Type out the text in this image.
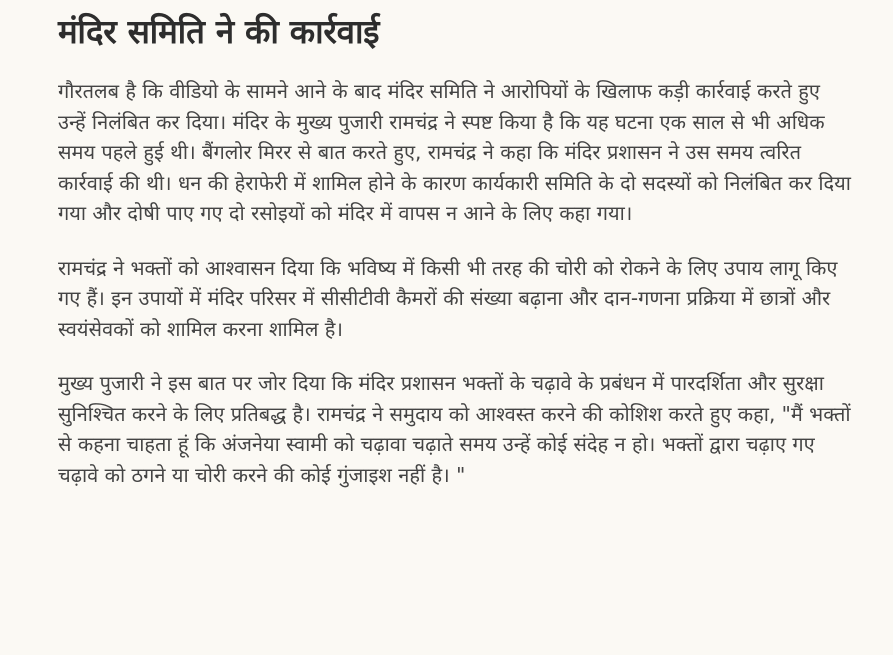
मंदिर समिति ने की कार्रवाई

गौरतलब है कि वीडियो के सामने आने के बाद मंदिर समिति ने आरोपियों के खिलाफ कड़ी कार्रवाई करते हुए उन्हें निलंबित कर दिया। मंदिर के मुख्य पुजारी रामचंद्र ने स्पष्ट किया है कि यह घटना एक साल से भी अधिक समय पहले हुई थी। बैंगलोर मिरर से बात करते हुए, रामचंद्र ने कहा कि मंदिर प्रशासन ने उस समय त्वरित कार्रवाई की थी। धन की हेराफेरी में शामिल होने के कारण कार्यकारी समिति के दो सदस्यों को निलंबित कर दिया गया और दोषी पाए गए दो रसोइयों को मंदिर में वापस न आने के लिए कहा गया।

रामचंद्र ने भक्तों को आश्वासन दिया कि भविष्य में किसी भी तरह की चोरी को रोकने के लिए उपाय लागू किए गए हैं। इन उपायों में मंदिर परिसर में सीसीटीवी कैमरों की संख्या बढ़ाना और दान-गणना प्रक्रिया में छात्रों और स्वयंसेवकों को शामिल करना शामिल है।

मुख्य पुजारी ने इस बात पर जोर दिया कि मंदिर प्रशासन भक्तों के चढ़ावे के प्रबंधन में पारदर्शिता और सुरक्षा सुनिश्चित करने के लिए प्रतिबद्ध है। रामचंद्र ने समुदाय को आश्वस्त करने की कोशिश करते हुए कहा, "मैं भक्तों से कहना चाहता हूं कि अंजनेया स्वामी को चढ़ावा चढ़ाते समय उन्हें कोई संदेह न हो। भक्तों द्वारा चढ़ाए गए चढ़ावे को ठगने या चोरी करने की कोई गुंजाइश नहीं है। "
